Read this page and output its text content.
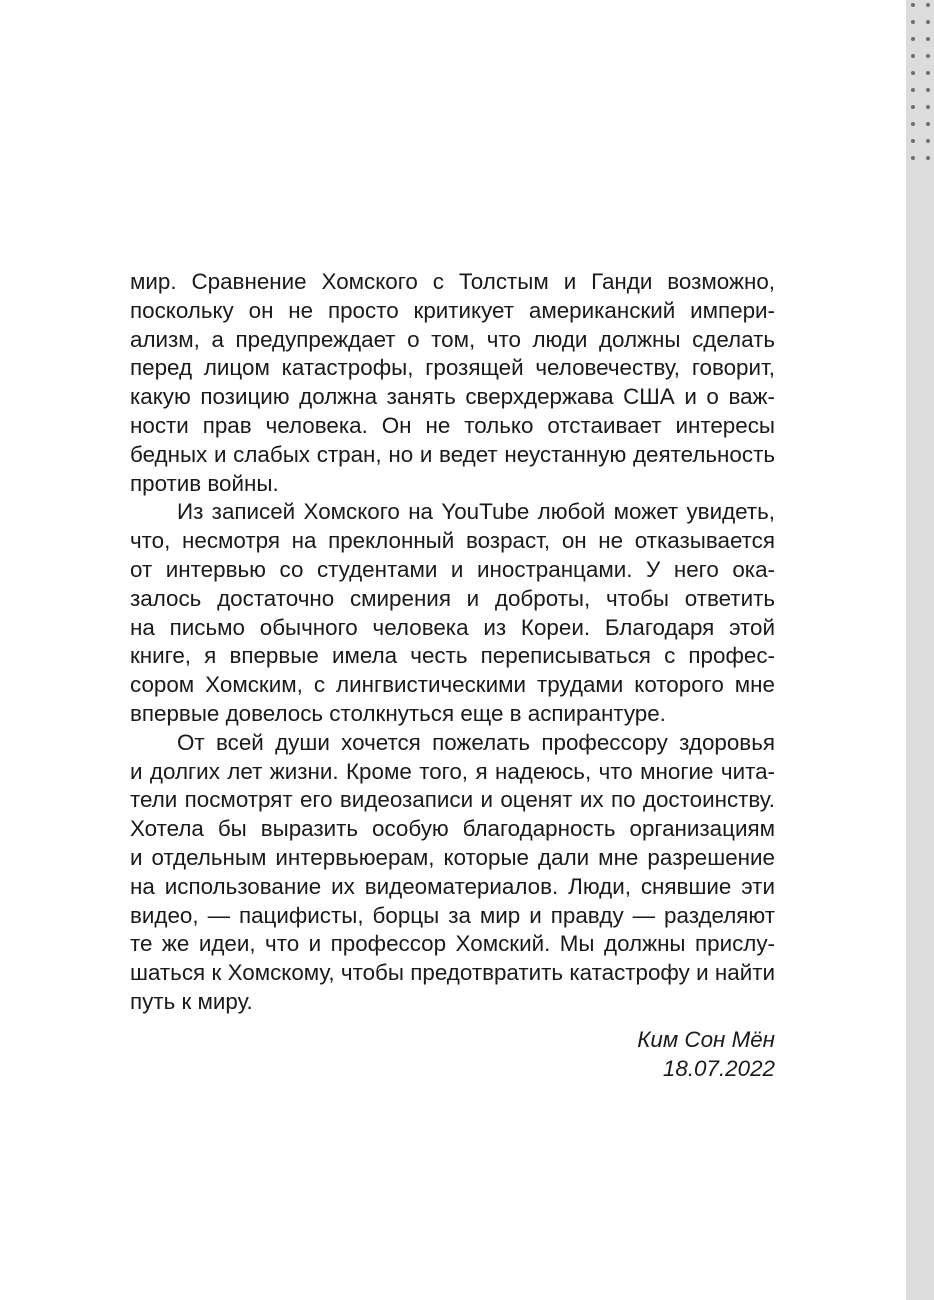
мир. Сравнение Хомского с Толстым и Ганди возможно,
поскольку он не просто критикует американский импери-
ализм, а предупреждает о том, что люди должны сделать
перед лицом катастрофы, грозящей человечеству, говорит,
какую позицию должна занять сверхдержава США и о важ-
ности прав человека. Он не только отстаивает интересы
бедных и слабых стран, но и ведет неустанную деятельность
против войны.

Из записей Хомского на YouTube любой может увидеть,
что, несмотря на преклонный возраст, он не отказывается
от интервью со студентами и иностранцами. У него ока-
залось достаточно смирения и доброты, чтобы ответить
на письмо обычного человека из Кореи. Благодаря этой
книге, я впервые имела честь переписываться с профес-
сором Хомским, с лингвистическими трудами которого мне
впервые довелось столкнуться еще в аспирантуре.

От всей души хочется пожелать профессору здоровья
и долгих лет жизни. Кроме того, я надеюсь, что многие чита-
тели посмотрят его видеозаписи и оценят их по достоинству.
Хотела бы выразить особую благодарность организациям
и отдельным интервьюерам, которые дали мне разрешение
на использование их видеоматериалов. Люди, снявшие эти
видео, — пацифисты, борцы за мир и правду — разделяют
те же идеи, что и профессор Хомский. Мы должны прислу-
шаться к Хомскому, чтобы предотвратить катастрофу и найти
путь к миру.

Ким Сон Мён
18.07.2022
